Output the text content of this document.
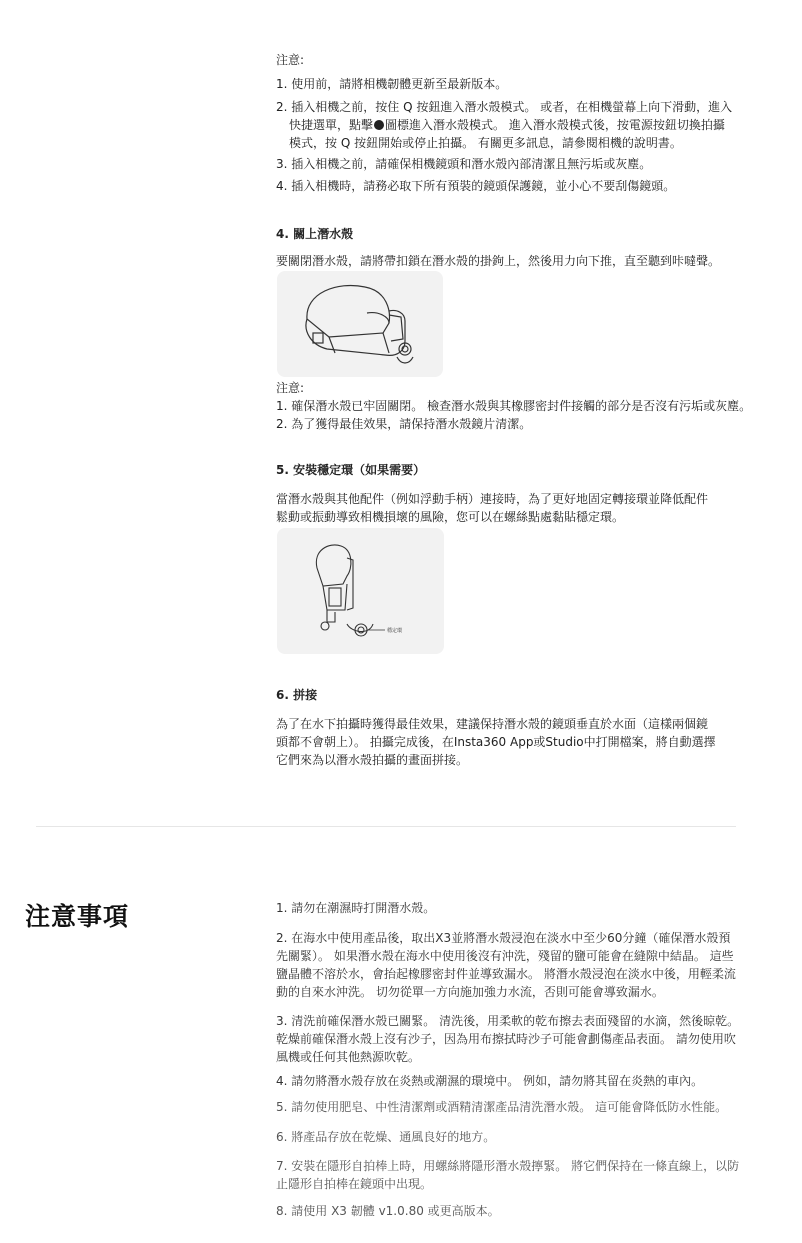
注意:
1. 使用前，請將相機韌體更新至最新版本。
2. 插入相機之前，按住 Q 按鈕進入潛水殼模式。 或者，在相機螢幕上向下滑動，進入
快捷選單，點擊 圖標進入潛水殼模式。 進入潛水殼模式後，按電源按鈕切換拍攝
模式，按 Q 按鈕開始或停止拍攝。 有關更多訊息，請參閱相機的說明書。
3. 插入相機之前，請確保相機鏡頭和潛水殼內部清潔且無污垢或灰塵。
4. 插入相機時，請務必取下所有預裝的鏡頭保護鏡，並小心不要刮傷鏡頭。
4. 關上潛水殼
要關閉潛水殼，請將帶扣鎖在潛水殼的掛鉤上，然後用力向下推，直至聽到咔噠聲。
注意:
1. 確保潛水殼已牢固關閉。 檢查潛水殼與其橡膠密封件接觸的部分是否沒有污垢或灰塵。
2. 為了獲得最佳效果，請保持潛水殼鏡片清潔。
5. 安裝穩定環（如果需要）
當潛水殼與其他配件（例如浮動手柄）連接時，為了更好地固定轉接環並降低配件
鬆動或振動導致相機損壞的風險，您可以在螺絲點處黏貼穩定環。
穩定環
6. 拼接
為了在水下拍攝時獲得最佳效果，建議保持潛水殼的鏡頭垂直於水面（這樣兩個鏡
頭都不會朝上）。 拍攝完成後，在Insta360 App或Studio中打開檔案，將自動選擇
它們來為以潛水殼拍攝的畫面拼接。
注意事項	1. 請勿在潮濕時打開潛水殼。
2. 在海水中使用產品後，取出X3並將潛水殼浸泡在淡水中至少60分鐘（確保潛水殼預先關緊）。 如果潛水殼在海水中使用後沒有沖洗，殘留的鹽可能會在縫隙中結晶。 這些鹽晶體不溶於水，會抬起橡膠密封件並導致漏水。 將潛水殼浸泡在淡水中後，用輕柔流動的自來水沖洗。 切勿從單一方向施加強力水流，否則可能會導致漏水。
3. 清洗前確保潛水殼已關緊。 清洗後，用柔軟的乾布擦去表面殘留的水滴，然後晾乾。 乾燥前確保潛水殼上沒有沙子，因為用布擦拭時沙子可能會劃傷產品表面。 請勿使用吹風機或任何其他熱源吹乾。
4. 請勿將潛水殼存放在炎熱或潮濕的環境中。 例如，請勿將其留在炎熱的車內。
5. 請勿使用肥皂、中性清潔劑或酒精清潔產品清洗潛水殼。 這可能會降低防水性能。
6. 將產品存放在乾燥、通風良好的地方。
7. 安裝在隱形自拍棒上時，用螺絲將隱形潛水殼擰緊。 將它們保持在一條直線上，以防止隱形自拍棒在鏡頭中出現。
8. 請使用 X3 韌體 v1.0.80 或更高版本。
